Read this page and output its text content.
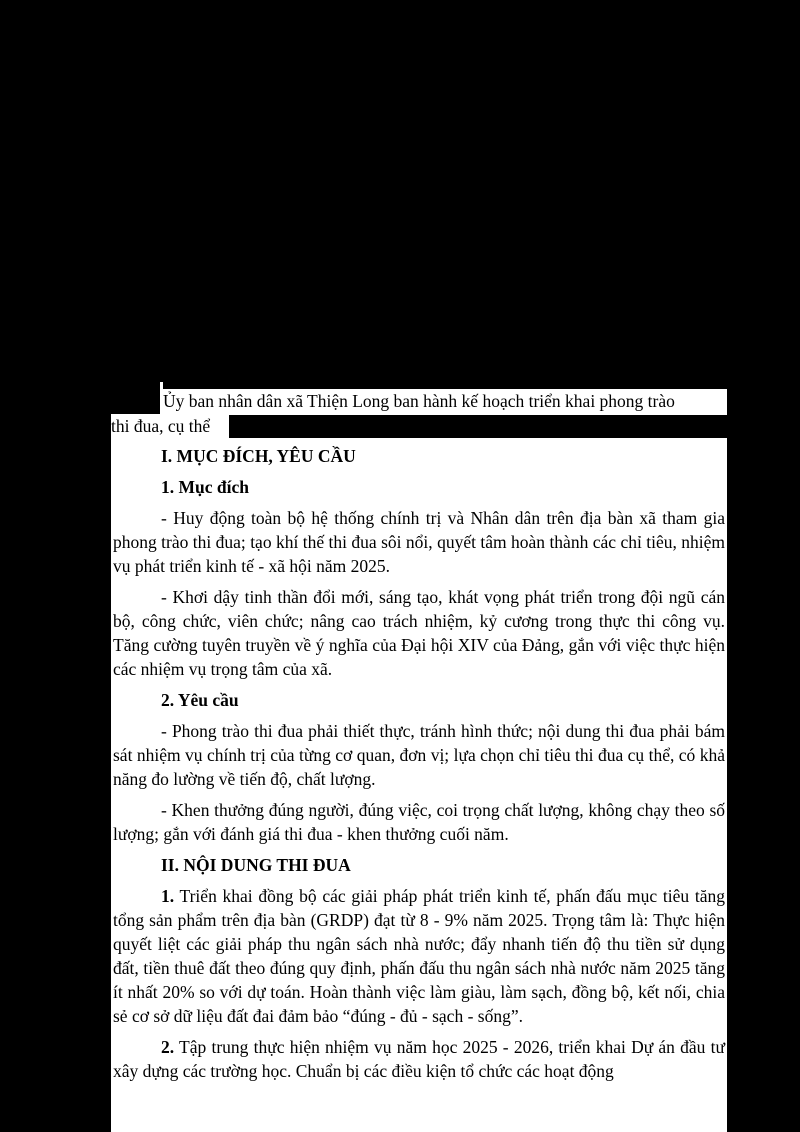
Ủy ban nhân dân xã Thiện Long ban hành kế hoạch triển khai phong trào
thi đua, cụ thể
I. MỤC ĐÍCH, YÊU CẦU
1. Mục đích

- Huy động toàn bộ hệ thống chính trị và Nhân dân trên địa bàn xã tham gia phong trào thi đua; tạo khí thế thi đua sôi nổi, quyết tâm hoàn thành các chỉ tiêu, nhiệm vụ phát triển kinh tế - xã hội năm 2025.

- Khơi dậy tinh thần đổi mới, sáng tạo, khát vọng phát triển trong đội ngũ cán bộ, công chức, viên chức; nâng cao trách nhiệm, kỷ cương trong thực thi công vụ. Tăng cường tuyên truyền về ý nghĩa của Đại hội XIV của Đảng, gắn với việc thực hiện các nhiệm vụ trọng tâm của xã.

2. Yêu cầu

- Phong trào thi đua phải thiết thực, tránh hình thức; nội dung thi đua phải bám sát nhiệm vụ chính trị của từng cơ quan, đơn vị; lựa chọn chỉ tiêu thi đua cụ thể, có khả năng đo lường về tiến độ, chất lượng.

- Khen thưởng đúng người, đúng việc, coi trọng chất lượng, không chạy theo số lượng; gắn với đánh giá thi đua - khen thưởng cuối năm.

II. NỘI DUNG THI ĐUA

1. Triển khai đồng bộ các giải pháp phát triển kinh tế, phấn đấu mục tiêu tăng tổng sản phẩm trên địa bàn (GRDP) đạt từ 8 - 9% năm 2025. Trọng tâm là: Thực hiện quyết liệt các giải pháp thu ngân sách nhà nước; đẩy nhanh tiến độ thu tiền sử dụng đất, tiền thuê đất theo đúng quy định, phấn đấu thu ngân sách nhà nước năm 2025 tăng ít nhất 20% so với dự toán. Hoàn thành việc làm giàu, làm sạch, đồng bộ, kết nối, chia sẻ cơ sở dữ liệu đất đai đảm bảo “đúng - đủ - sạch - sống”.

2. Tập trung thực hiện nhiệm vụ năm học 2025 - 2026, triển khai Dự án đầu tư xây dựng các trường học. Chuẩn bị các điều kiện tổ chức các hoạt động
